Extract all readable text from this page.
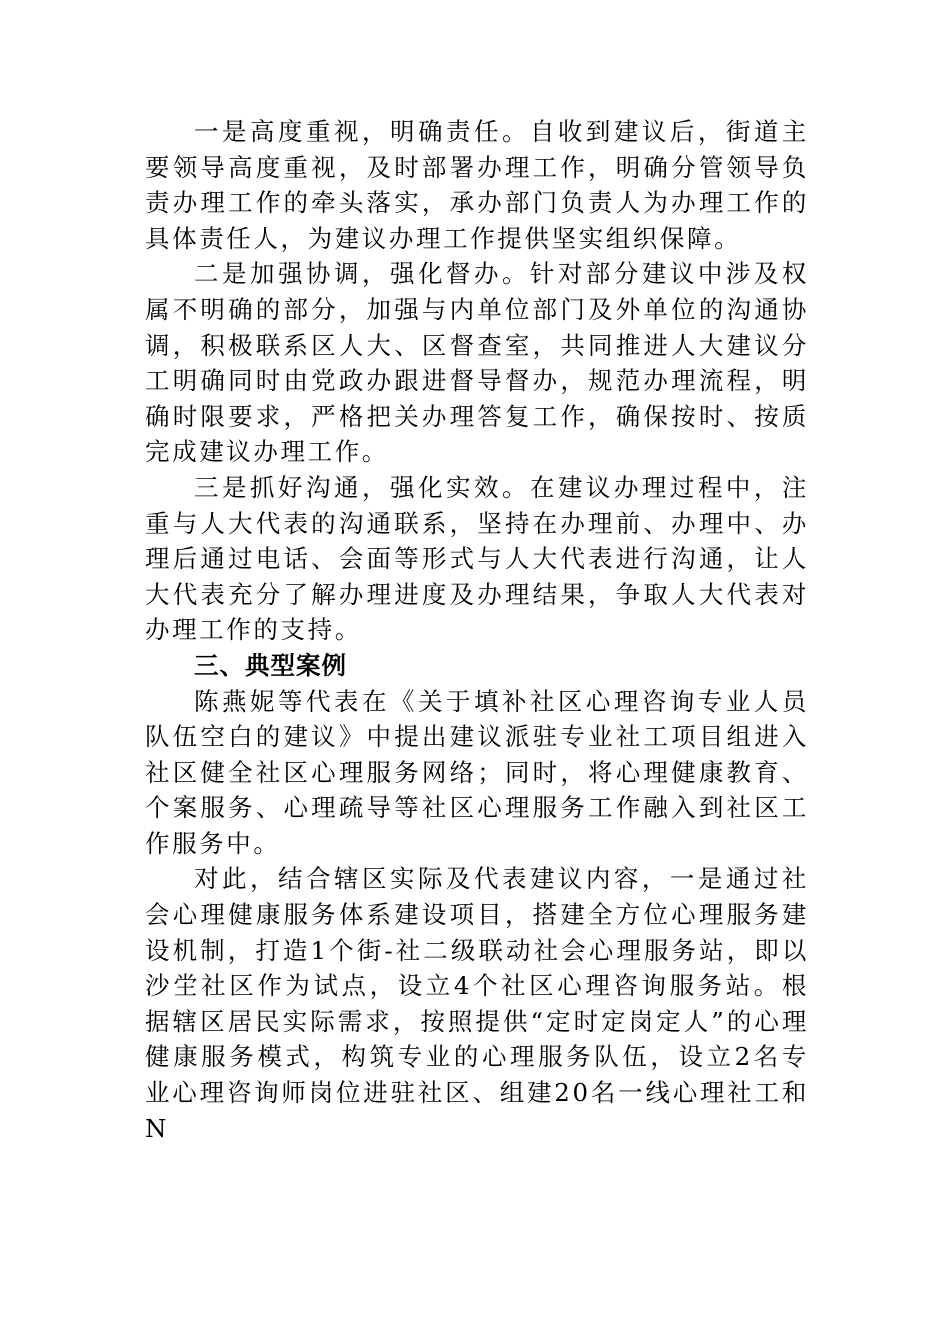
一是高度重视，明确责任。自收到建议后，街道主要领导高度重视，及时部署办理工作，明确分管领导负责办理工作的牵头落实，承办部门负责人为办理工作的具体责任人，为建议办理工作提供坚实组织保障。

二是加强协调，强化督办。针对部分建议中涉及权属不明确的部分，加强与内单位部门及外单位的沟通协调，积极联系区人大、区督查室，共同推进人大建议分工明确同时由党政办跟进督导督办，规范办理流程，明确时限要求，严格把关办理答复工作，确保按时、按质完成建议办理工作。

三是抓好沟通，强化实效。在建议办理过程中，注重与人大代表的沟通联系，坚持在办理前、办理中、办理后通过电话、会面等形式与人大代表进行沟通，让人大代表充分了解办理进度及办理结果，争取人大代表对办理工作的支持。

三、典型案例

陈燕妮等代表在《关于填补社区心理咨询专业人员队伍空白的建议》中提出建议派驻专业社工项目组进入社区健全社区心理服务网络；同时，将心理健康教育、个案服务、心理疏导等社区心理服务工作融入到社区工作服务中。

对此，结合辖区实际及代表建议内容，一是通过社会心理健康服务体系建设项目，搭建全方位心理服务建设机制，打造1个街-社二级联动社会心理服务站，即以沙坣社区作为试点，设立4个社区心理咨询服务站。根据辖区居民实际需求，按照提供“定时定岗定人”的心理健康服务模式，构筑专业的心理服务队伍，设立2名专业心理咨询师岗位进驻社区、组建20名一线心理社工和N
